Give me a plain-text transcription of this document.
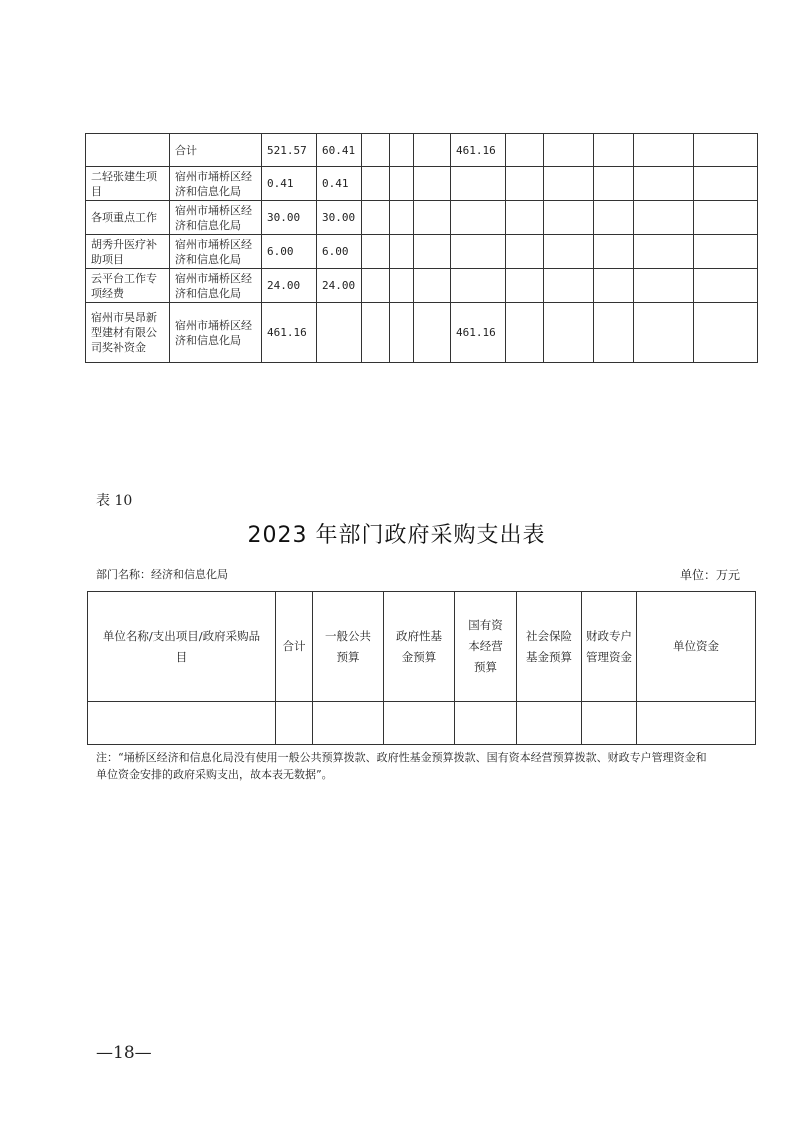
	合计	521.57	60.41				461.16					
二轻张建生项目	宿州市埇桥区经济和信息化局	0.41	0.41									
各项重点工作	宿州市埇桥区经济和信息化局	30.00	30.00									
胡秀升医疗补助项目	宿州市埇桥区经济和信息化局	6.00	6.00									
云平台工作专项经费	宿州市埇桥区经济和信息化局	24.00	24.00									
宿州市昊昂新型建材有限公司奖补资金	宿州市埇桥区经济和信息化局	461.16					461.16					
表 10
2023 年部门政府采购支出表
部门名称：经济和信息化局	单位：万元
单位名称/支出项目/政府采购品目	合计	一般公共预算	政府性基金预算	国有资本经营预算	社会保险基金预算	财政专户管理资金	单位资金

注：“埇桥区经济和信息化局没有使用一般公共预算拨款、政府性基金预算拨款、国有资本经营预算拨款、财政专户管理资金和单位资金安排的政府采购支出，故本表无数据”。
—18—
